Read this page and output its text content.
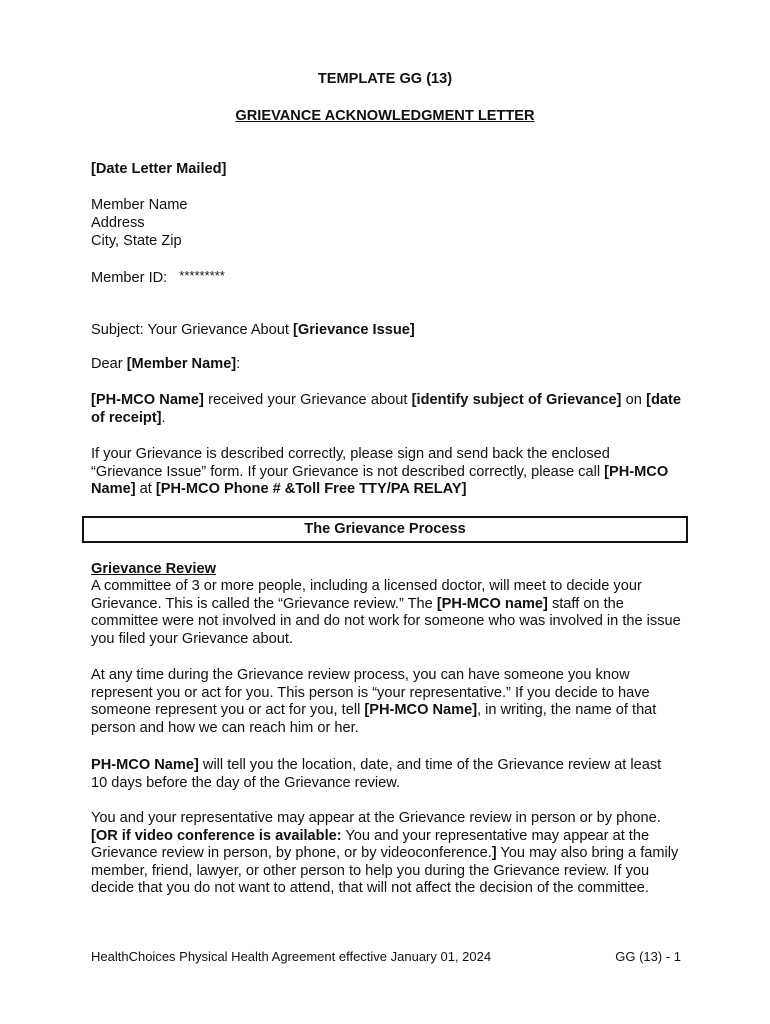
TEMPLATE GG (13)
GRIEVANCE ACKNOWLEDGMENT LETTER
[Date Letter Mailed]
Member Name
Address
City, State Zip
Member ID: *********
Subject: Your Grievance About [Grievance Issue]
Dear [Member Name]:
[PH-MCO Name] received your Grievance about [identify subject of Grievance] on [date of receipt].
If your Grievance is described correctly, please sign and send back the enclosed “Grievance Issue” form. If your Grievance is not described correctly, please call [PH-MCO Name] at [PH-MCO Phone # &Toll Free TTY/PA RELAY]
The Grievance Process
Grievance Review
A committee of 3 or more people, including a licensed doctor, will meet to decide your Grievance. This is called the “Grievance review.” The [PH-MCO name] staff on the committee were not involved in and do not work for someone who was involved in the issue you filed your Grievance about.
At any time during the Grievance review process, you can have someone you know represent you or act for you. This person is “your representative.” If you decide to have someone represent you or act for you, tell [PH-MCO Name], in writing, the name of that person and how we can reach him or her.
PH-MCO Name] will tell you the location, date, and time of the Grievance review at least 10 days before the day of the Grievance review.
You and your representative may appear at the Grievance review in person or by phone. [OR if video conference is available: You and your representative may appear at the Grievance review in person, by phone, or by videoconference.] You may also bring a family member, friend, lawyer, or other person to help you during the Grievance review. If you decide that you do not want to attend, that will not affect the decision of the committee.
HealthChoices Physical Health Agreement effective January 01, 2024	GG (13) - 1
